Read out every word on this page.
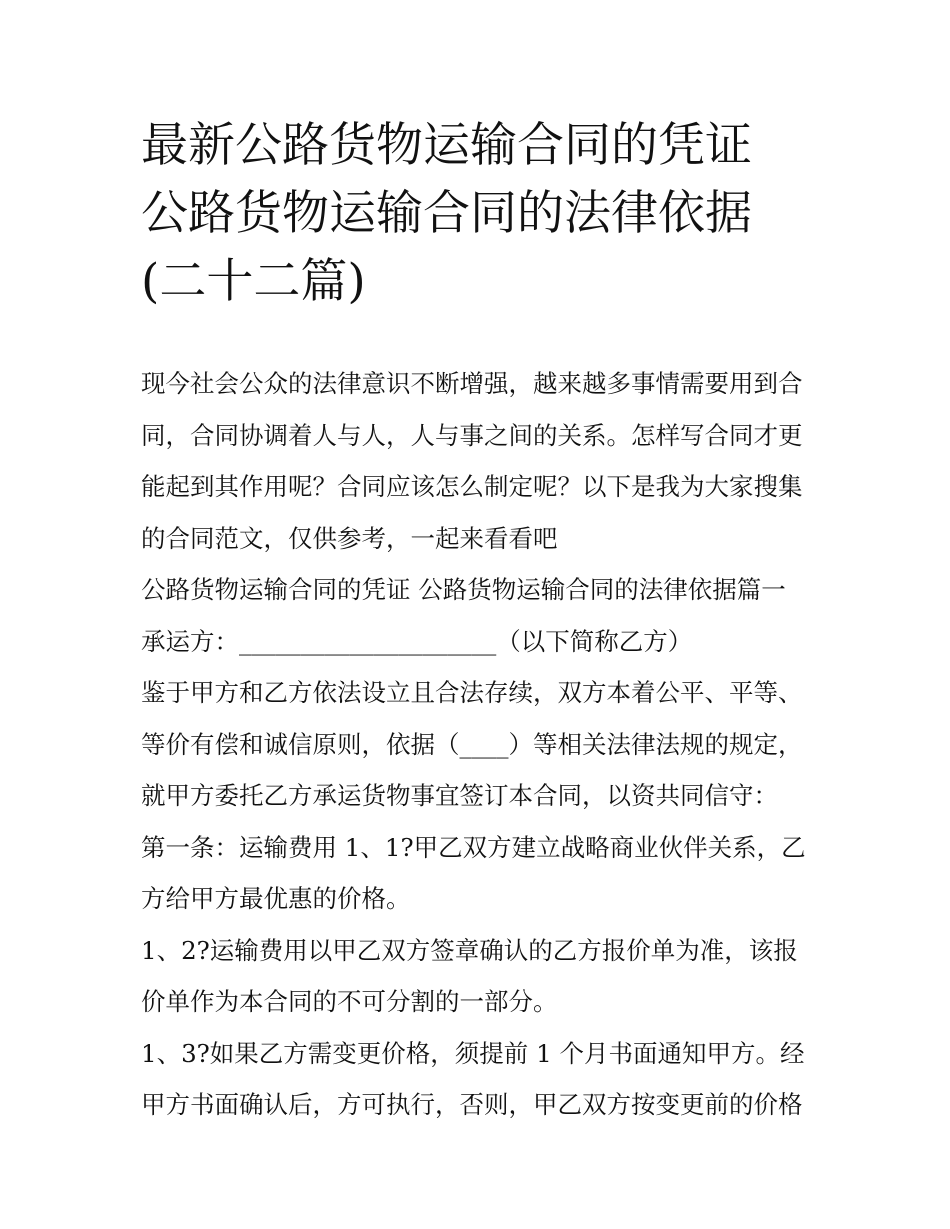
最新公路货物运输合同的凭证
公路货物运输合同的法律依据
(二十二篇)
现今社会公众的法律意识不断增强，越来越多事情需要用到合
同，合同协调着人与人，人与事之间的关系。怎样写合同才更
能起到其作用呢？合同应该怎么制定呢？以下是我为大家搜集
的合同范文，仅供参考，一起来看看吧
公路货物运输合同的凭证 公路货物运输合同的法律依据篇一
承运方：_____________________（以下简称乙方）
鉴于甲方和乙方依法设立且合法存续，双方本着公平、平等、
等价有偿和诚信原则，依据（____）等相关法律法规的规定，
就甲方委托乙方承运货物事宜签订本合同，以资共同信守：
第一条：运输费用 1、1?甲乙双方建立战略商业伙伴关系，乙
方给甲方最优惠的价格。
1、2?运输费用以甲乙双方签章确认的乙方报价单为准，该报
价单作为本合同的不可分割的一部分。
1、3?如果乙方需变更价格，须提前 1 个月书面通知甲方。经
甲方书面确认后，方可执行，否则，甲乙双方按变更前的价格
